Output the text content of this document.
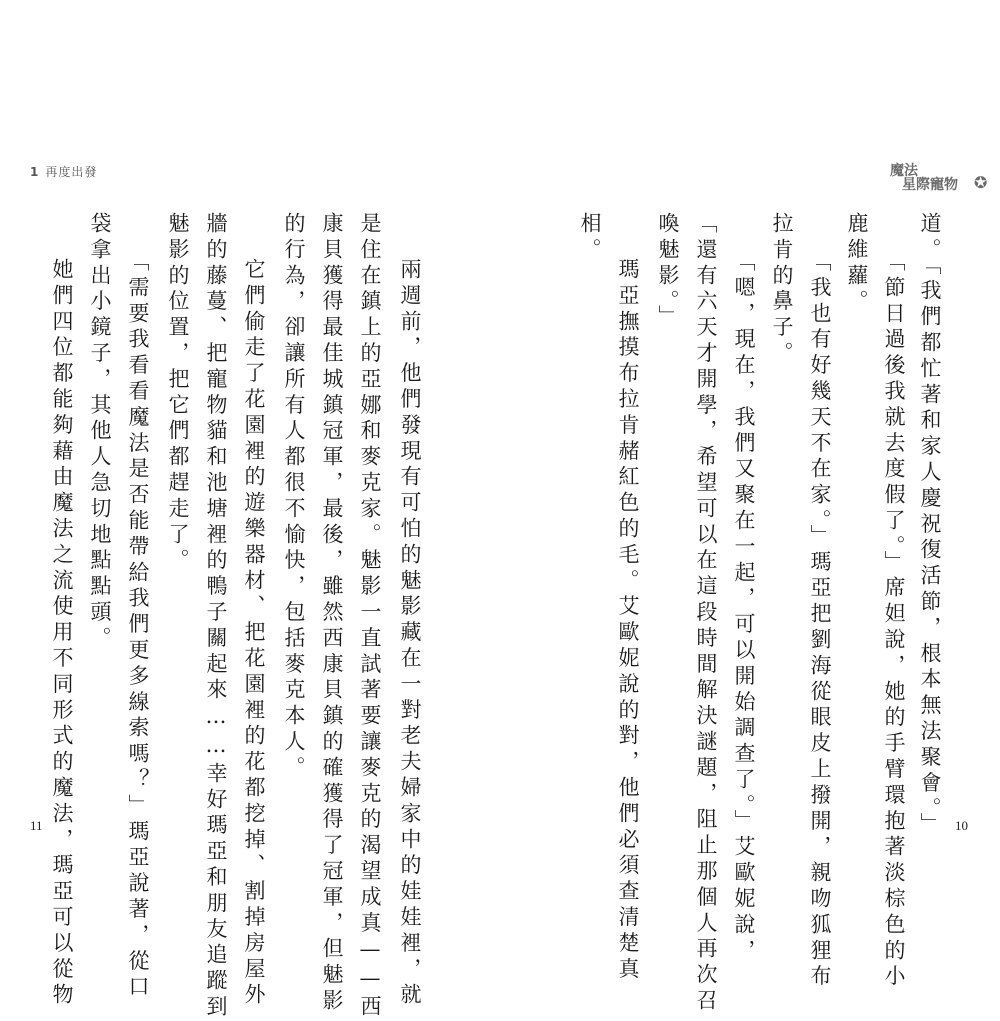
1 再度出發
兩週前，他們發現有可怕的魅影藏在一對老夫婦家中的娃娃裡，就
是住在鎮上的亞娜和麥克家。魅影一直試著要讓麥克的渴望成真——西
康貝獲得最佳城鎮冠軍，最後，雖然西康貝鎮的確獲得了冠軍，但魅影
的行為，卻讓所有人都很不愉快，包括麥克本人。
它們偷走了花園裡的遊樂器材、把花園裡的花都挖掉、割掉房屋外
牆的藤蔓、把寵物貓和池塘裡的鴨子關起來……幸好瑪亞和朋友追蹤到
魅影的位置，把它們都趕走了。
「需要我看看魔法是否能帶給我們更多線索嗎？」瑪亞說著，從口
袋拿出小鏡子，其他人急切地點點頭。
她們四位都能夠藉由魔法之流使用不同形式的魔法，瑪亞可以從物
11
魔法
星際寵物 ✪
道。「我們都忙著和家人慶祝復活節，根本無法聚會。」
「節日過後我就去度假了。」席妲說，她的手臂環抱著淡棕色的小
鹿維蘿。
「我也有好幾天不在家。」瑪亞把劉海從眼皮上撥開，親吻狐狸布
拉肯的鼻子。
「嗯，現在，我們又聚在一起，可以開始調查了。」艾歐妮說，
「還有六天才開學，希望可以在這段時間解決謎題，阻止那個人再次召
喚魅影。」
瑪亞撫摸布拉肯赭紅色的毛。艾歐妮說的對，他們必須查清楚真
相。
10
